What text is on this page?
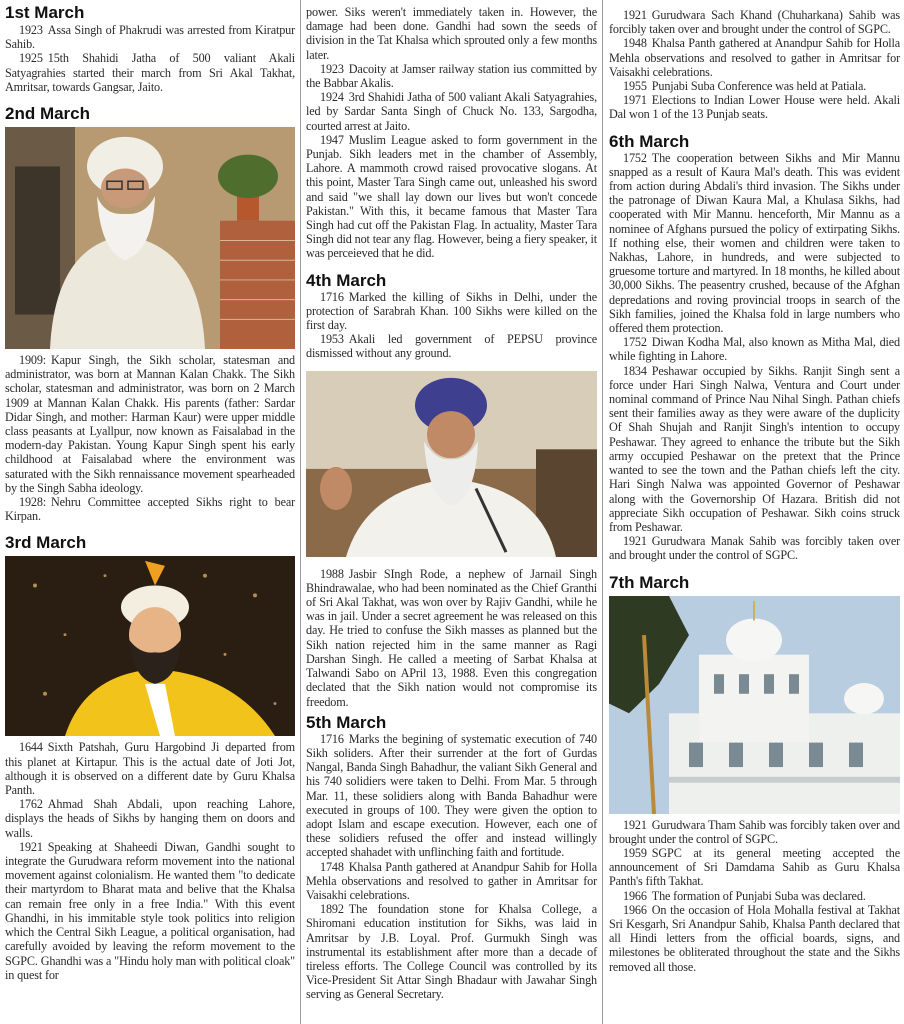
1st March

1923 Assa Singh of Phakrudi was arrested from Kiratpur Sahib.

1925 15th Shahidi Jatha of 500 valiant Akali Satyagrahies started their march from Sri Akal Takhat, Amritsar, towards Gangsar, Jaito.

2nd March

1909: Kapur Singh, the Sikh scholar, statesman and administrator, was born at Mannan Kalan Chakk. The Sikh scholar, statesman and administrator, was born on 2 March 1909 at Mannan Kalan Chakk. His parents (father: Sardar Didar Singh, and mother: Harman Kaur) were upper middle class peasants at Lyallpur, now known as Faisalabad in the modern-day Pakistan. Young Kapur Singh spent his early childhood at Faisalabad where the environment was saturated with the Sikh rennaissance movement spearheaded by the Singh Sabha ideology.

1928: Nehru Committee accepted Sikhs right to bear Kirpan.

3rd March

1644 Sixth Patshah, Guru Hargobind Ji departed from this planet at Kirtapur. This is the actual date of Joti Jot, although it is observed on a different date by Guru Khalsa Panth.

1762 Ahmad Shah Abdali, upon reaching Lahore, displays the heads of Sikhs by hanging them on doors and walls.

1921 Speaking at Shaheedi Diwan, Gandhi sought to integrate the Gurudwara reform movement into the national movement against colonialism. He wanted them "to dedicate their martyrdom to Bharat mata and belive that the Khalsa can remain free only in a free India." With this event Ghandhi, in his immitable style took politics into religion which the Central Sikh League, a political organisation, had carefully avoided by leaving the reform movement to the SGPC. Ghandhi was a "Hindu holy man with political cloak" in quest for

power. Siks weren't immediately taken in. However, the damage had been done. Gandhi had sown the seeds of division in the Tat Khalsa which sprouted only a few months later.

1923 Dacoity at Jamser railway station ius committed by the Babbar Akalis.

1924 3rd Shahidi Jatha of 500 valiant Akali Satyagrahies, led by Sardar Santa Singh of Chuck No. 133, Sargodha, courted arrest at Jaito.

1947 Muslim League asked to form government in the Punjab. Sikh leaders met in the chamber of Assembly, Lahore. A mammoth crowd raised provocative slogans. At this point, Master Tara Singh came out, unleashed his sword and said "we shall lay down our lives but won't concede Pakistan." With this, it became famous that Master Tara Singh had cut off the Pakistan Flag. In actuality, Master Tara Singh did not tear any flag. However, being a fiery speaker, it was perceieved that he did.

4th March

1716 Marked the killing of Sikhs in Delhi, under the protection of Sarabrah Khan. 100 Sikhs were killed on the first day.

1953 Akali led government of PEPSU province dismissed without any ground.

1988 Jasbir SIngh Rode, a nephew of Jarnail Singh Bhindrawalae, who had been nominated as the Chief Granthi of Sri Akal Takhat, was won over by Rajiv Gandhi, while he was in jail. Under a secret agreement he was released on this day. He tried to confuse the Sikh masses as planned but the Sikh nation rejected him in the same manner as Ragi Darshan Singh. He called a meeting of Sarbat Khalsa at Talwandi Sabo on APril 13, 1988. Even this congregation declated that the Sikh nation would not compromise its freedom.

5th March

1716 Marks the begining of systematic execution of 740 Sikh soliders. After their surrender at the fort of Gurdas Nangal, Banda Singh Bahadhur, the valiant Sikh General and his 740 solidiers were taken to Delhi. From Mar. 5 through Mar. 11, these solidiers along with Banda Bahadhur were executed in groups of 100. They were given the option to adopt Islam and escape execution. However, each one of these solidiers refused the offer and instead willingly accepted shahadet with unflinching faith and fortitude.

1748 Khalsa Panth gathered at Anandpur Sahib for Holla Mehla observations and resolved to gather in Amritsar for Vaisakhi celebrations.

1892 The foundation stone for Khalsa College, a Shiromani education institution for Sikhs, was laid in Amritsar by J.B. Loyal. Prof. Gurmukh Singh was instrumental its establishment after more than a decade of tireless efforts. The College Council was controlled by its Vice-President Sit Attar Singh Bhadaur with Jawahar Singh serving as General Secretary.

1921 Gurudwara Sach Khand (Chuharkana) Sahib was forcibly taken over and brought under the control of SGPC.

1948 Khalsa Panth gathered at Anandpur Sahib for Holla Mehla observations and resolved to gather in Amritsar for Vaisakhi celebrations.

1955 Punjabi Suba Conference was held at Patiala.

1971 Elections to Indian Lower House were held. Akali Dal won 1 of the 13 Punjab seats.

6th March

1752 The cooperation between Sikhs and Mir Mannu snapped as a result of Kaura Mal's death. This was evident from action during Abdali's third invasion. The Sikhs under the patronage of Diwan Kaura Mal, a Khulasa Sikhs, had cooperated with Mir Mannu. henceforth, Mir Mannu as a nominee of Afghans pursued the policy of extirpating Sikhs. If nothing else, their women and children were taken to Nakhas, Lahore, in hundreds, and were subjected to gruesome torture and martyred. In 18 months, he killed about 30,000 Sikhs. The peasentry crushed, because of the Afghan depredations and roving provincial troops in search of the Sikh families, joined the Khalsa fold in large numbers who offered them protection.

1752 Diwan Kodha Mal, also known as Mitha Mal, died while fighting in Lahore.

1834 Peshawar occupied by Sikhs. Ranjit Singh sent a force under Hari Singh Nalwa, Ventura and Court under nominal command of Prince Nau Nihal Singh. Pathan chiefs sent their families away as they were aware of the duplicity Of Shah Shujah and Ranjit Singh's intention to occupy Peshawar. They agreed to enhance the tribute but the Sikh army occupied Peshawar on the pretext that the Prince wanted to see the town and the Pathan chiefs left the city. Hari Singh Nalwa was appointed Governor of Peshawar along with the Governorship Of Hazara. British did not appreciate Sikh occupation of Peshawar. Sikh coins struck from Peshawar.

1921 Gurudwara Manak Sahib was forcibly taken over and brought under the control of SGPC.

7th March

1921 Gurudwara Tham Sahib was forcibly taken over and brought under the control of SGPC.

1959 SGPC at its general meeting accepted the announcement of Sri Damdama Sahib as Guru Khalsa Panth's fifth Takhat.

1966 The formation of Punjabi Suba was declared.

1966 On the occasion of Hola Mohalla festival at Takhat Sri Kesgarh, Sri Anandpur Sahib, Khalsa Panth declared that all Hindi letters from the official boards, signs, and milestones be obliterated throughout the state and the Sikhs removed all those.
